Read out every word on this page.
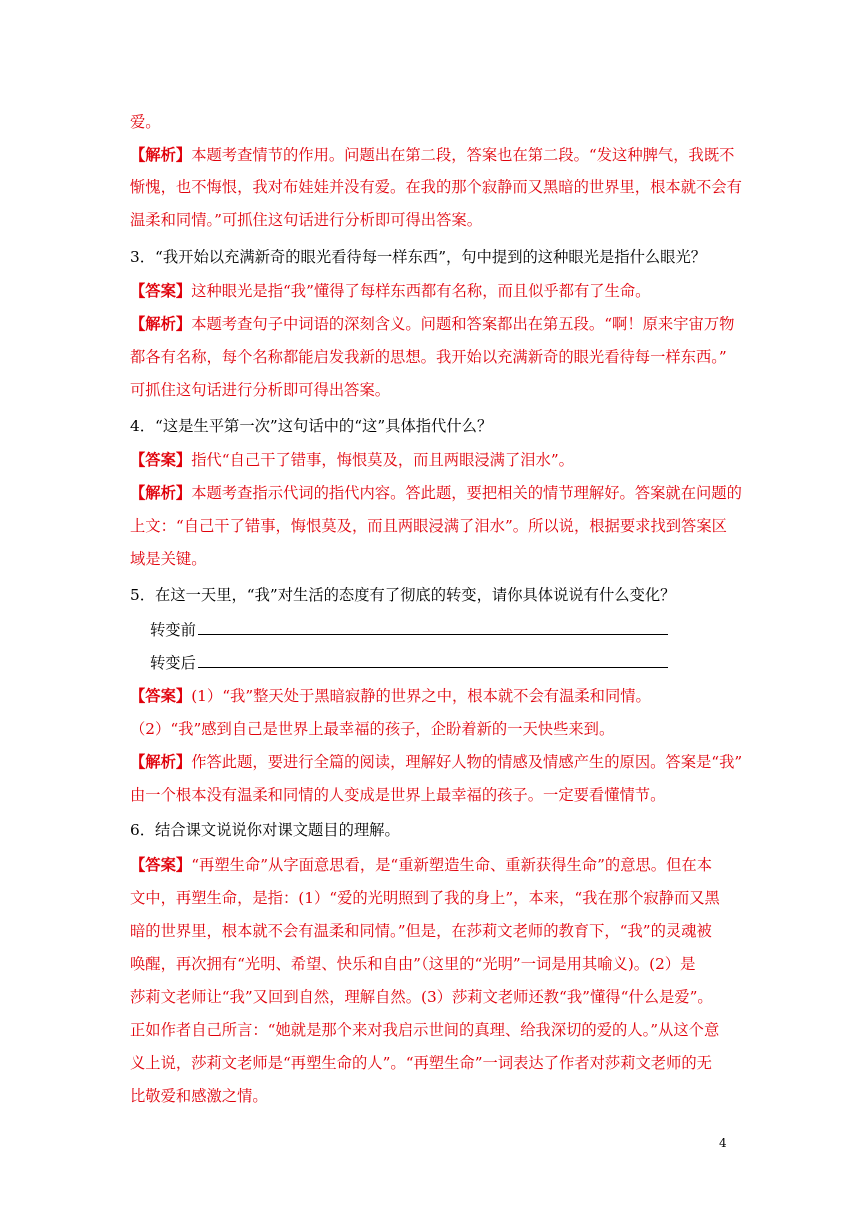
爱。
【解析】本题考查情节的作用。问题出在第二段，答案也在第二段。“发这种脾气，我既不
惭愧，也不悔恨，我对布娃娃并没有爱。在我的那个寂静而又黑暗的世界里，根本就不会有
温柔和同情。”可抓住这句话进行分析即可得出答案。
3．“我开始以充满新奇的眼光看待每一样东西”，句中提到的这种眼光是指什么眼光？
【答案】这种眼光是指“我”懂得了每样东西都有名称，而且似乎都有了生命。
【解析】本题考查句子中词语的深刻含义。问题和答案都出在第五段。“啊！原来宇宙万物
都各有名称，每个名称都能启发我新的思想。我开始以充满新奇的眼光看待每一样东西。”
可抓住这句话进行分析即可得出答案。
4．“这是生平第一次”这句话中的“这”具体指代什么？
【答案】指代“自己干了错事，悔恨莫及，而且两眼浸满了泪水”。
【解析】本题考查指示代词的指代内容。答此题，要把相关的情节理解好。答案就在问题的
上文：“自己干了错事，悔恨莫及，而且两眼浸满了泪水”。所以说，根据要求找到答案区
域是关键。
5．在这一天里，“我”对生活的态度有了彻底的转变，请你具体说说有什么变化？
转变前
转变后
【答案】(1）“我”整天处于黑暗寂静的世界之中，根本就不会有温柔和同情。
（2）“我”感到自己是世界上最幸福的孩子，企盼着新的一天快些来到。
【解析】作答此题，要进行全篇的阅读，理解好人物的情感及情感产生的原因。答案是“我”
由一个根本没有温柔和同情的人变成是世界上最幸福的孩子。一定要看懂情节。
6．结合课文说说你对课文题目的理解。
【答案】“再塑生命”从字面意思看，是“重新塑造生命、重新获得生命”的意思。但在本
文中，再塑生命，是指：(1）“爱的光明照到了我的身上”，本来，“我在那个寂静而又黑
暗的世界里，根本就不会有温柔和同情。”但是，在莎莉文老师的教育下，“我”的灵魂被
唤醒，再次拥有“光明、希望、快乐和自由”（这里的“光明”一词是用其喻义)。(2）是
莎莉文老师让“我”又回到自然，理解自然。(3）莎莉文老师还教“我”懂得“什么是爱”。
正如作者自己所言：“她就是那个来对我启示世间的真理、给我深切的爱的人。”从这个意
义上说，莎莉文老师是“再塑生命的人”。“再塑生命”一词表达了作者对莎莉文老师的无
比敬爱和感激之情。
4
